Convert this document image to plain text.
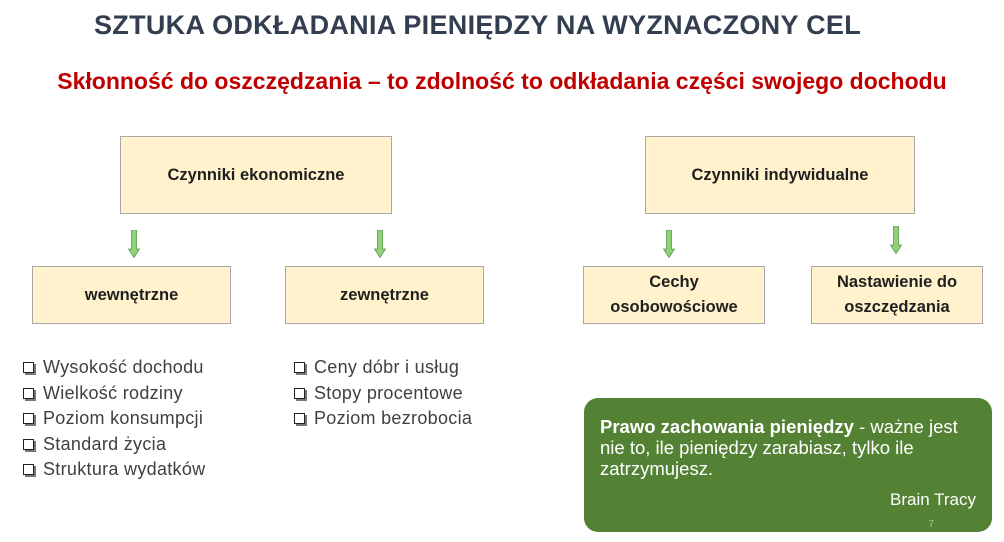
SZTUKA ODKŁADANIA PIENIĘDZY NA WYZNACZONY CEL
Skłonność do oszczędzania – to zdolność to odkładania części swojego dochodu
Czynniki ekonomiczne
wewnętrzne	zewnętrzne
Wysokość dochodu
Wielkość rodziny
Poziom konsumpcji
Standard życia
Struktura wydatków
Ceny dóbr i usług
Stopy procentowe
Poziom bezrobocia
Czynniki indywidualne
Cechy
osobowościowe
Nastawienie do
oszczędzania
Prawo zachowania pieniędzy - ważne jest nie to, ile pieniędzy zarabiasz, tylko ile zatrzymujesz.
Brain Tracy
7
